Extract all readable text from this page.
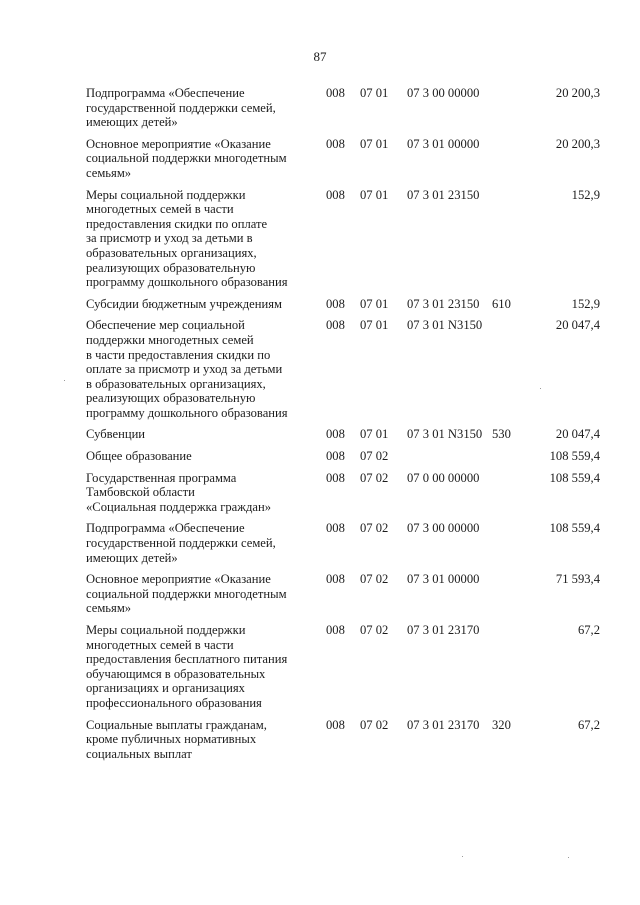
87
Подпрограмма «Обеспечение
государственной поддержки семей,
имеющих детей»
008 07 01 07 3 00 00000	20 200,3
Основное мероприятие «Оказание
социальной поддержки многодетным
семьям»
008 07 01 07 3 01 00000	20 200,3
Меры социальной поддержки
многодетных семей в части
предоставления скидки по оплате
за присмотр и уход за детьми в
образовательных организациях,
реализующих образовательную
программу дошкольного образования
008 07 01 07 3 01 23150	152,9
Субсидии бюджетным учреждениям	008 07 01 07 3 01 23150 610	152,9
Обеспечение мер социальной
поддержки многодетных семей
в части предоставления скидки по
оплате за присмотр и уход за детьми
в образовательных организациях,
реализующих образовательную
программу дошкольного образования
008 07 01 07 3 01 N3150	20 047,4
Субвенции	008 07 01 07 3 01 N3150 530	20 047,4
Общее образование	008 07 02	108 559,4
Государственная программа
Тамбовской области
«Социальная поддержка граждан»
008 07 02 07 0 00 00000	108 559,4
Подпрограмма «Обеспечение
государственной поддержки семей,
имеющих детей»
008 07 02 07 3 00 00000	108 559,4
Основное мероприятие «Оказание
социальной поддержки многодетным
семьям»
008 07 02 07 3 01 00000	71 593,4
Меры социальной поддержки
многодетных семей в части
предоставления бесплатного питания
обучающимся в образовательных
организациях и организациях
профессионального образования
008 07 02 07 3 01 23170	67,2
Социальные выплаты гражданам,
кроме публичных нормативных
социальных выплат
008 07 02 07 3 01 23170 320	67,2
